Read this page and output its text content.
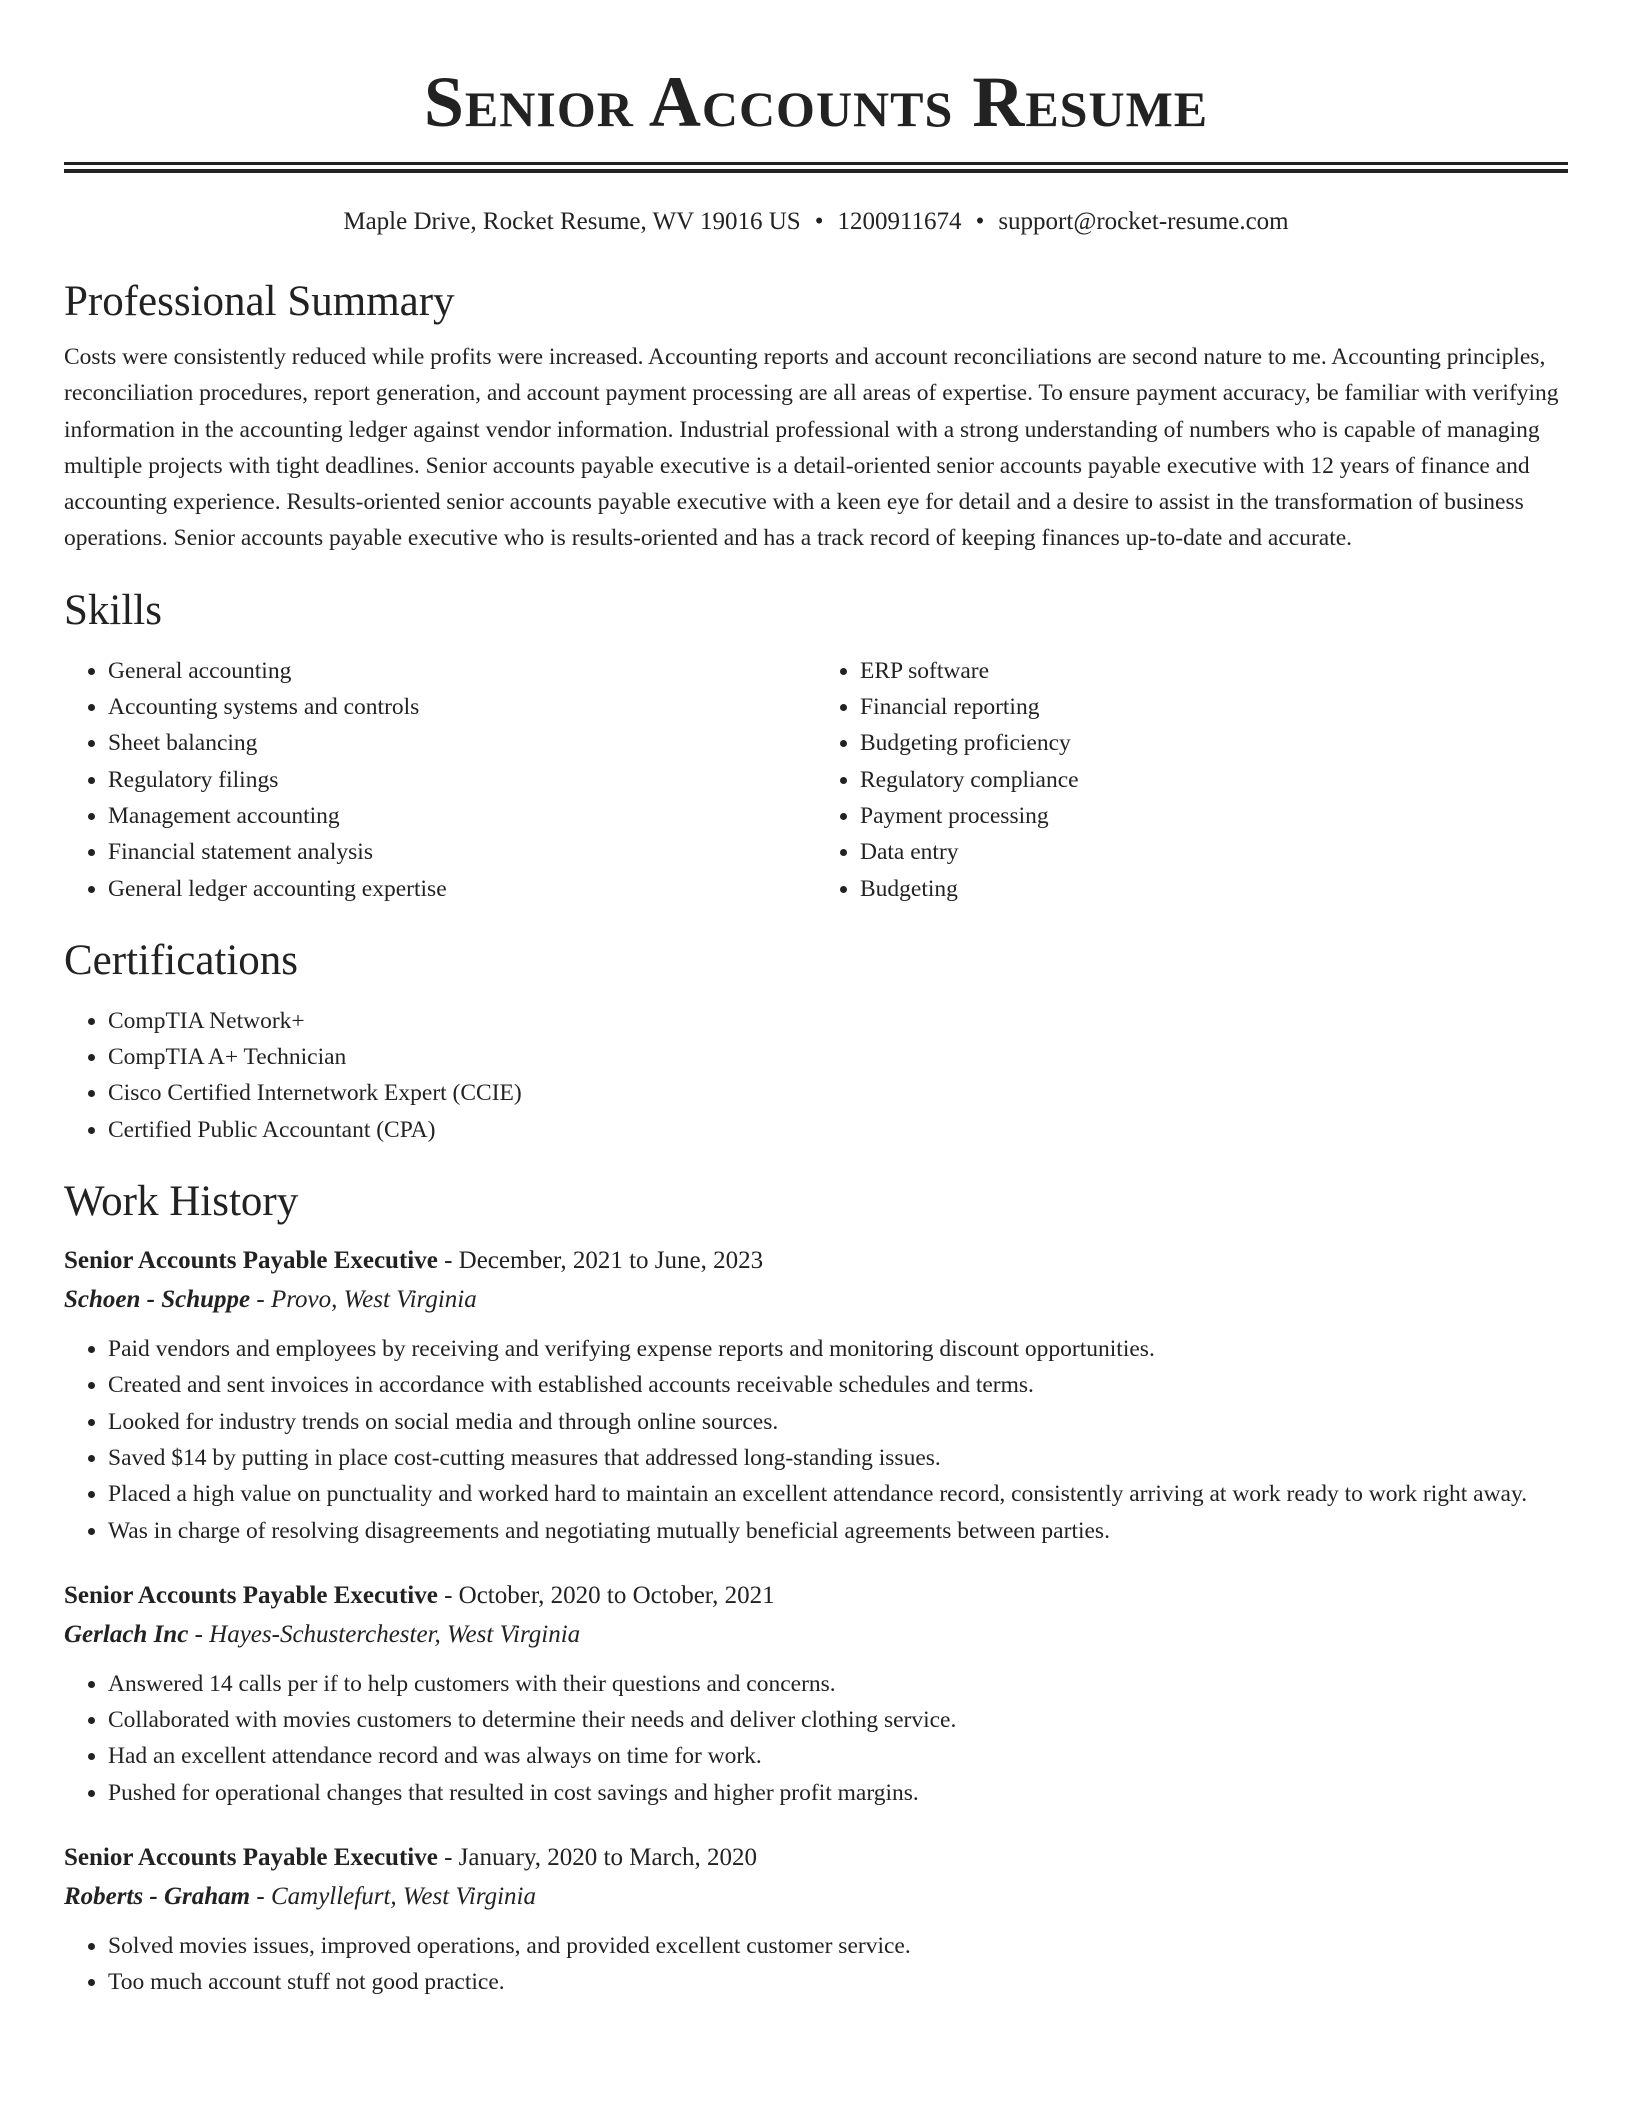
Senior Accounts Resume
Maple Drive, Rocket Resume, WV 19016 US • 1200911674 • support@rocket-resume.com
Professional Summary

Costs were consistently reduced while profits were increased. Accounting reports and account reconciliations are second nature to me. Accounting principles, reconciliation procedures, report generation, and account payment processing are all areas of expertise. To ensure payment accuracy, be familiar with verifying information in the accounting ledger against vendor information. Industrial professional with a strong understanding of numbers who is capable of managing multiple projects with tight deadlines. Senior accounts payable executive is a detail-oriented senior accounts payable executive with 12 years of finance and accounting experience. Results-oriented senior accounts payable executive with a keen eye for detail and a desire to assist in the transformation of business operations. Senior accounts payable executive who is results-oriented and has a track record of keeping finances up-to-date and accurate.

Skills
• General accounting
• Accounting systems and controls
• Sheet balancing
• Regulatory filings
• Management accounting
• Financial statement analysis
• General ledger accounting expertise
• ERP software
• Financial reporting
• Budgeting proficiency
• Regulatory compliance
• Payment processing
• Data entry
• Budgeting
Certifications
• CompTIA Network+
• CompTIA A+ Technician
• Cisco Certified Internetwork Expert (CCIE)
• Certified Public Accountant (CPA)
Work History
Senior Accounts Payable Executive - December, 2021 to June, 2023
Schoen - Schuppe - Provo, West Virginia
• Paid vendors and employees by receiving and verifying expense reports and monitoring discount opportunities.
• Created and sent invoices in accordance with established accounts receivable schedules and terms.
• Looked for industry trends on social media and through online sources.
• Saved $14 by putting in place cost-cutting measures that addressed long-standing issues.
• Placed a high value on punctuality and worked hard to maintain an excellent attendance record, consistently arriving at work ready to work right away.
• Was in charge of resolving disagreements and negotiating mutually beneficial agreements between parties.
Senior Accounts Payable Executive - October, 2020 to October, 2021
Gerlach Inc - Hayes-Schusterchester, West Virginia
• Answered 14 calls per if to help customers with their questions and concerns.
• Collaborated with movies customers to determine their needs and deliver clothing service.
• Had an excellent attendance record and was always on time for work.
• Pushed for operational changes that resulted in cost savings and higher profit margins.
Senior Accounts Payable Executive - January, 2020 to March, 2020
Roberts - Graham - Camyllefurt, West Virginia
• Solved movies issues, improved operations, and provided excellent customer service.
• Too much account stuff not good practice.
